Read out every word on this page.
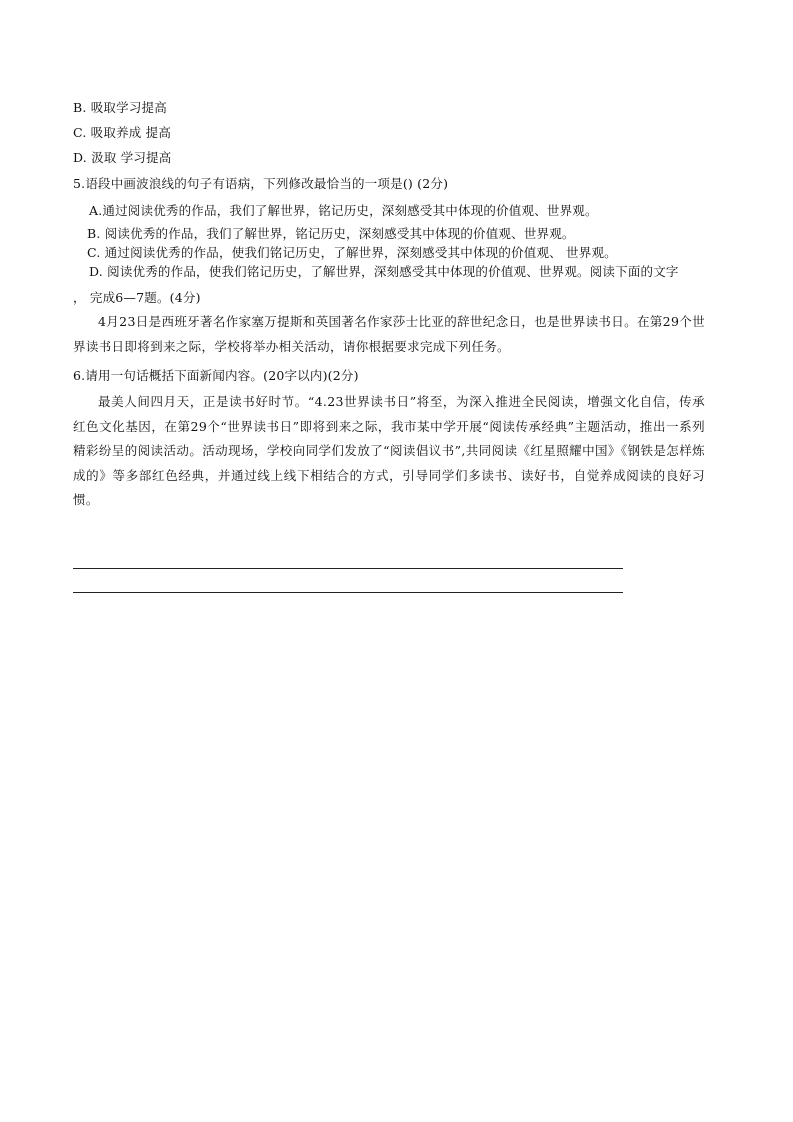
B. 吸取学习提高
C. 吸取养成 提高
D. 汲取 学习提高
5.语段中画波浪线的句子有语病，下列修改最恰当的一项是() (2分)
A.通过阅读优秀的作品，我们了解世界，铭记历史，深刻感受其中体现的价值观、世界观。
B. 阅读优秀的作品，我们了解世界，铭记历史，深刻感受其中体现的价值观、世界观。
C. 通过阅读优秀的作品，使我们铭记历史，了解世界，深刻感受其中体现的价值观、 世界观。
D. 阅读优秀的作品，使我们铭记历史，了解世界，深刻感受其中体现的价值观、世界观。阅读下面的文字
， 完成6—7题。(4分)
4月23日是西班牙著名作家塞万提斯和英国著名作家莎士比亚的辞世纪念日，也是世界读书日。在第29个世界读书日即将到来之际，学校将举办相关活动，请你根据要求完成下列任务。
6.请用一句话概括下面新闻内容。(20字以内)(2分)
最美人间四月天，正是读书好时节。“4.23世界读书日”将至，为深入推进全民阅读，增强文化自信，传承红色文化基因，在第29个“世界读书日”即将到来之际，我市某中学开展“阅读传承经典”主题活动，推出一系列精彩纷呈的阅读活动。活动现场，学校向同学们发放了“阅读倡议书”,共同阅读《红星照耀中国》《钢铁是怎样炼成的》等多部红色经典，并通过线上线下相结合的方式，引导同学们多读书、读好书，自觉养成阅读的良好习惯。
